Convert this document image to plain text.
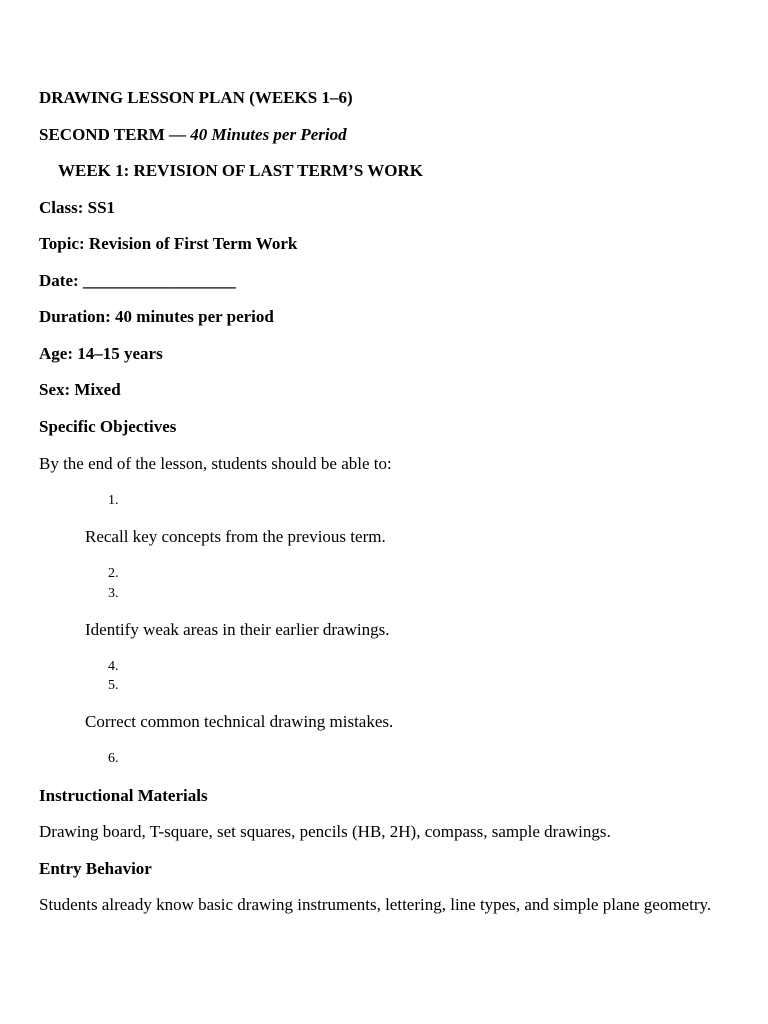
DRAWING LESSON PLAN (WEEKS 1–6)
SECOND TERM — 40 Minutes per Period
WEEK 1: REVISION OF LAST TERM’S WORK
Class: SS1
Topic: Revision of First Term Work
Date: __________________
Duration: 40 minutes per period
Age: 14–15 years
Sex: Mixed
Specific Objectives
By the end of the lesson, students should be able to:
1.
Recall key concepts from the previous term.
2.
3.
Identify weak areas in their earlier drawings.
4.
5.
Correct common technical drawing mistakes.
6.
Instructional Materials
Drawing board, T-square, set squares, pencils (HB, 2H), compass, sample drawings.
Entry Behavior
Students already know basic drawing instruments, lettering, line types, and simple plane geometry.
